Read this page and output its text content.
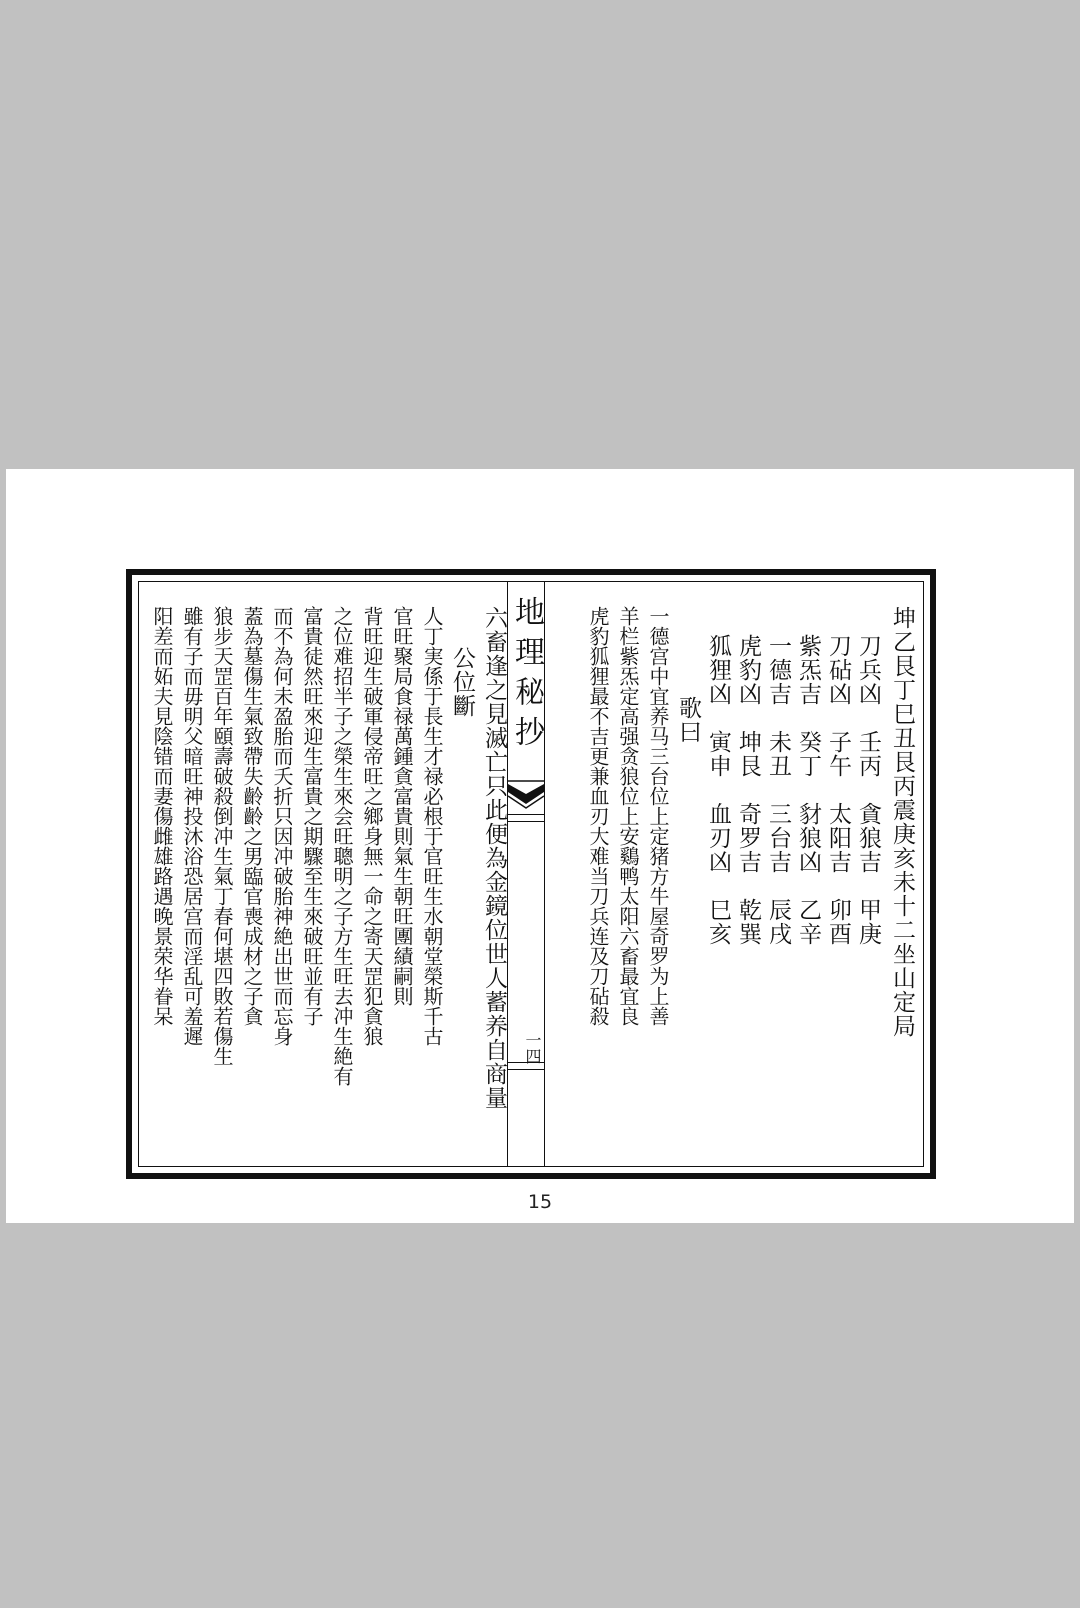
六畜逢之見滅亡只此便為金鏡位世人蓄养自商量
公位斷
人丁実係于長生才禄必根于官旺生水朝堂榮斯千古
官旺聚局食禄萬鍾貪富貴則氣生朝旺團績嗣則
背旺迎生破軍侵帝旺之鄉身無一命之寄天罡犯貪狼
之位难招半子之榮生來会旺聰明之子方生旺去冲生絶有
富貴徒然旺來迎生富貴之期驟至生來破旺並有子
而不為何未盈胎而夭折只因冲破胎神絶出世而忘身
蓋為墓傷生氣致帶失齡齡之男臨官喪成材之子貪
狼步天罡百年頤壽破殺倒冲生氣丁春何堪四敗若傷生
雖有子而毋明父暗旺神投沐浴恐居宫而淫乱可羞遲
阳差而妬夫見陰错而妻傷雌雄路遇晚景荣华眷呆	地理秘抄
一四
坤乙艮丁巳丑艮丙震庚亥未十二坐山定局
刀兵凶　壬丙　貪狼吉　甲庚
刀砧凶　子午　太阳吉　卯酉
紫炁吉　癸丁　豺狼凶　乙辛
一德吉　未丑　三台吉　辰戌
虎豹凶　坤艮　奇罗吉　乾巽
狐狸凶　寅申　血刃凶　巳亥
歌曰
一德宫中宜养马三台位上定猪方牛屋奇罗为上善
羊栏紫炁定高强贪狼位上安鷄鸭太阳六畜最宜良
虎豹狐狸最不吉更兼血刃大难当刀兵连及刀砧殺
15
